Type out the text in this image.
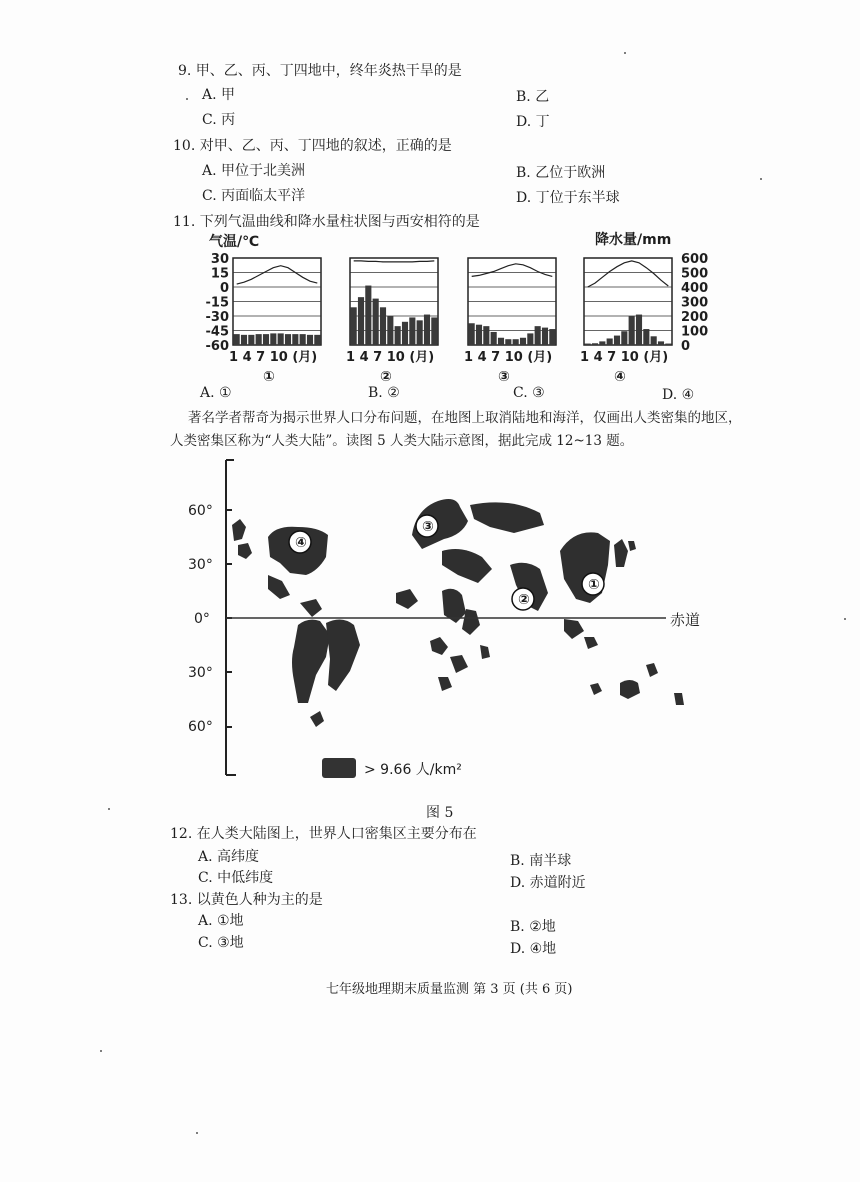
9. 甲、乙、丙、丁四地中，终年炎热干旱的是
A. 甲	B. 乙
C. 丙	D. 丁
10. 对甲、乙、丙、丁四地的叙述，正确的是
A. 甲位于北美洲	B. 乙位于欧洲
C. 丙面临太平洋	D. 丁位于东半球
11. 下列气温曲线和降水量柱状图与西安相符的是
气温/℃	降水量/mm
30
15
0
-15
-30
-45
-60
600
500
400
300
200
100
0
1 4 7 10 (月)
①
1 4 7 10 (月)
②
1 4 7 10 (月)
③
1 4 7 10 (月)
④
A. ①	B. ②	C. ③	D. ④
著名学者帮奇为揭示世界人口分布问题，在地图上取消陆地和海洋，仅画出人类密集的地区，
人类密集区称为“人类大陆”。读图 5 人类大陆示意图，据此完成 12~13 题。
60°
30°
0°
30°
60°
赤道
①
②
③
④
> 9.66 人/km²
图 5
12. 在人类大陆图上，世界人口密集区主要分布在
A. 高纬度	B. 南半球
C. 中低纬度	D. 赤道附近
13. 以黄色人种为主的是
A. ①地	B. ②地
C. ③地	D. ④地
七年级地理期末质量监测 第 3 页 (共 6 页)
